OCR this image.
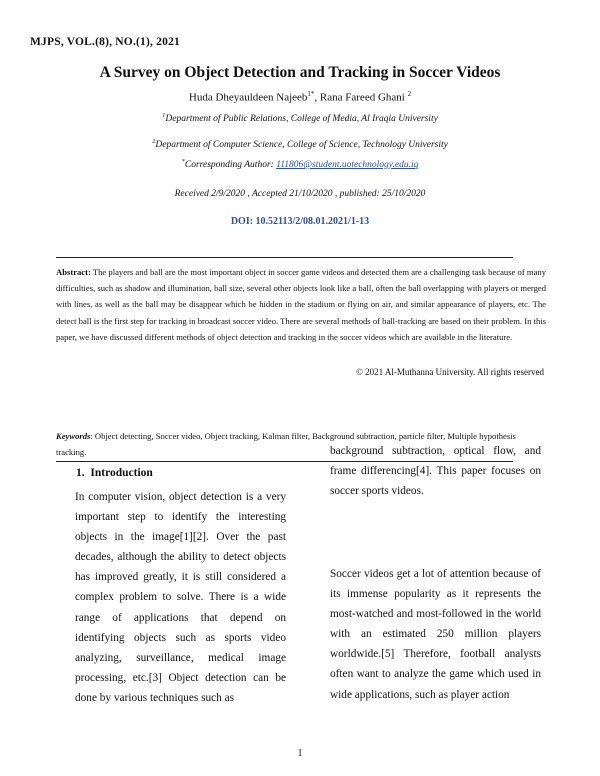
MJPS, VOL.(8), NO.(1), 2021
A Survey on Object Detection and Tracking in Soccer Videos
Huda Dheyauldeen Najeeb$^{1*}$, Rana Fareed Ghani $^2$
$^1$Department of Public Relations, College of Media, Al Iraqia University
$^2$Department of Computer Science, College of Science, Technology University
*Corresponding Author: 111806@student.uotechnology.edu.iq
Received 2/9/2020 , Accepted 21/10/2020 , published: 25/10/2020
DOI: 10.52113/2/08.01.2021/1-13
Abstract: The players and ball are the most important object in soccer game videos and detected them are a challenging task because of many difficulties, such as shadow and illumination, ball size, several other objects look like a ball, often the ball overlapping with players or merged with lines, as well as the ball may be disappear which be hidden in the stadium or flying on air, and similar appearance of players, etc. The detect ball is the first step for tracking in broadcast soccer video. There are several methods of ball-tracking are based on their problem. In this paper, we have discussed different methods of object detection and tracking in the soccer videos which are available in the literature.
© 2021 Al-Muthanna University. All rights reserved
Keywords: Object detecting, Soccer video, Object tracking, Kalman filter, Background subtraction, particle filter, Multiple hypothesis tracking.
1. Introduction

In computer vision, object detection is a very important step to identify the interesting objects in the image[1][2]. Over the past decades, although the ability to detect objects has improved greatly, it is still considered a complex problem to solve. There is a wide range of applications that depend on identifying objects such as sports video analyzing, surveillance, medical image processing, etc.[3] Object detection can be done by various techniques such as

background subtraction, optical flow, and frame differencing[4]. This paper focuses on soccer sports videos.

Soccer videos get a lot of attention because of its immense popularity as it represents the most-watched and most-followed in the world with an estimated 250 million players worldwide.[5] Therefore, football analysts often want to analyze the game which used in wide applications, such as player action

1
